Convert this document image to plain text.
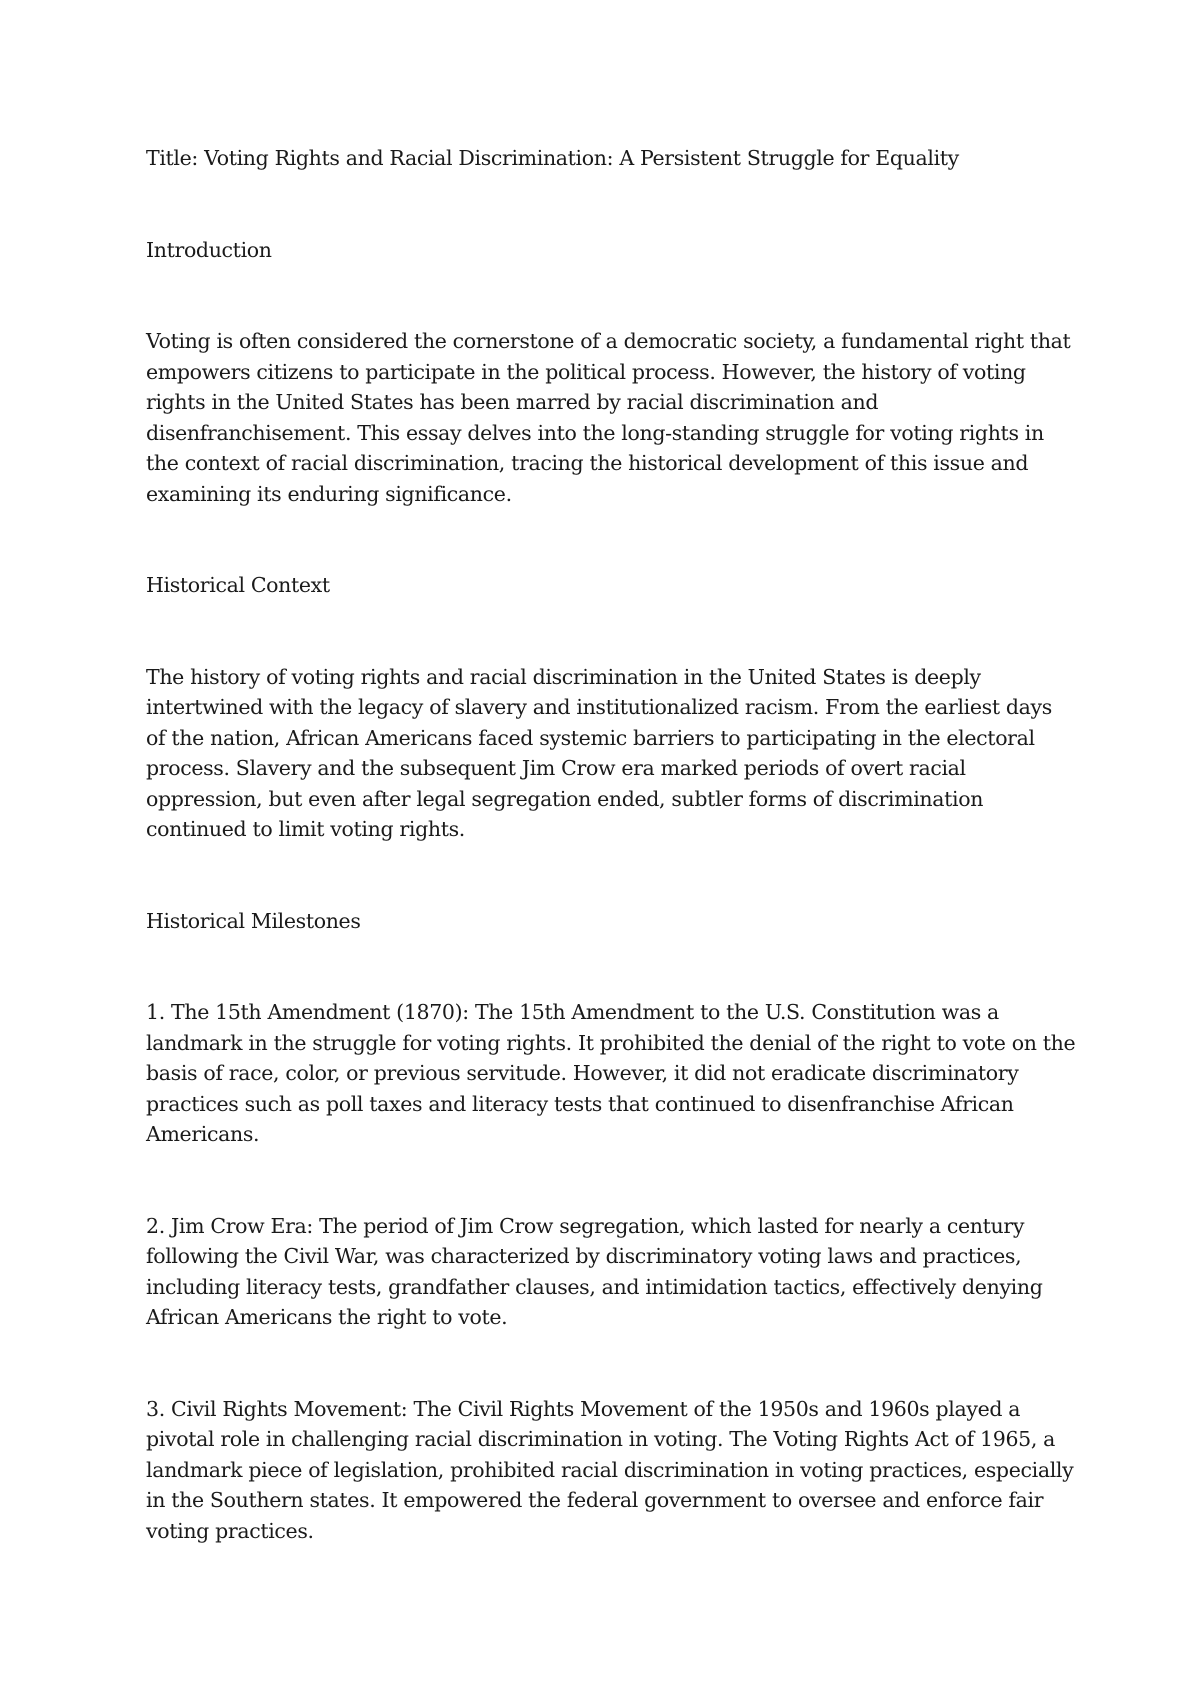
Title: Voting Rights and Racial Discrimination: A Persistent Struggle for Equality

Introduction

Voting is often considered the cornerstone of a democratic society, a fundamental right that empowers citizens to participate in the political process. However, the history of voting rights in the United States has been marred by racial discrimination and disenfranchisement. This essay delves into the long-standing struggle for voting rights in the context of racial discrimination, tracing the historical development of this issue and examining its enduring significance.

Historical Context

The history of voting rights and racial discrimination in the United States is deeply intertwined with the legacy of slavery and institutionalized racism. From the earliest days of the nation, African Americans faced systemic barriers to participating in the electoral process. Slavery and the subsequent Jim Crow era marked periods of overt racial oppression, but even after legal segregation ended, subtler forms of discrimination continued to limit voting rights.

Historical Milestones

1. The 15th Amendment (1870): The 15th Amendment to the U.S. Constitution was a landmark in the struggle for voting rights. It prohibited the denial of the right to vote on the basis of race, color, or previous servitude. However, it did not eradicate discriminatory practices such as poll taxes and literacy tests that continued to disenfranchise African Americans.

2. Jim Crow Era: The period of Jim Crow segregation, which lasted for nearly a century following the Civil War, was characterized by discriminatory voting laws and practices, including literacy tests, grandfather clauses, and intimidation tactics, effectively denying African Americans the right to vote.

3. Civil Rights Movement: The Civil Rights Movement of the 1950s and 1960s played a pivotal role in challenging racial discrimination in voting. The Voting Rights Act of 1965, a landmark piece of legislation, prohibited racial discrimination in voting practices, especially in the Southern states. It empowered the federal government to oversee and enforce fair voting practices.
